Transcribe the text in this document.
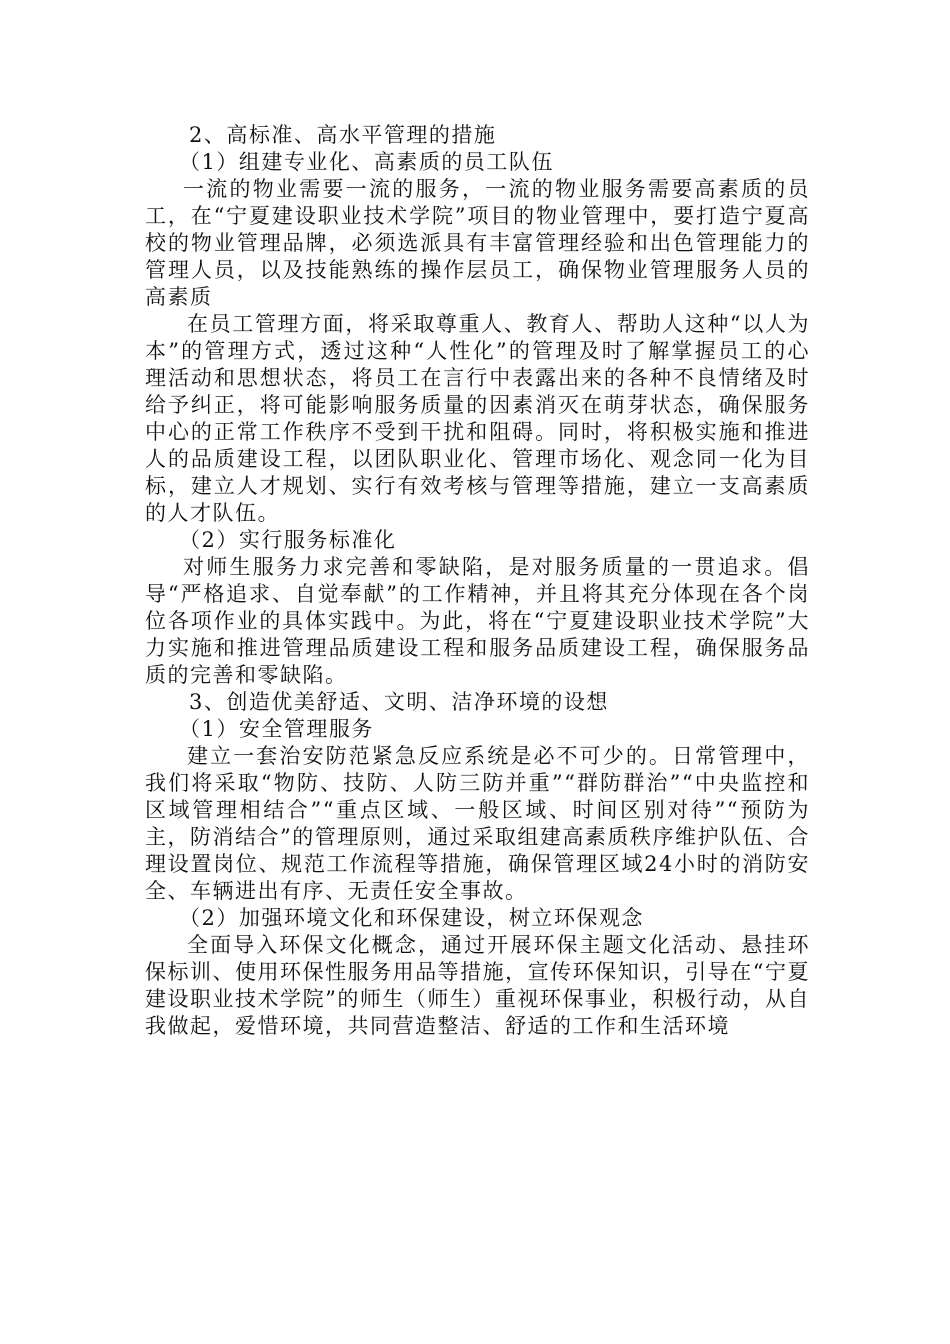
2、高标准、高水平管理的措施

（1）组建专业化、高素质的员工队伍

一流的物业需要一流的服务，一流的物业服务需要高素质的员工，在“宁夏建设职业技术学院”项目的物业管理中，要打造宁夏高校的物业管理品牌，必须选派具有丰富管理经验和出色管理能力的管理人员，以及技能熟练的操作层员工，确保物业管理服务人员的高素质

在员工管理方面，将采取尊重人、教育人、帮助人这种“以人为本”的管理方式，透过这种“人性化”的管理及时了解掌握员工的心理活动和思想状态，将员工在言行中表露出来的各种不良情绪及时给予纠正，将可能影响服务质量的因素消灭在萌芽状态，确保服务中心的正常工作秩序不受到干扰和阻碍。同时，将积极实施和推进人的品质建设工程，以团队职业化、管理市场化、观念同一化为目标，建立人才规划、实行有效考核与管理等措施，建立一支高素质的人才队伍。

（2）实行服务标准化

对师生服务力求完善和零缺陷，是对服务质量的一贯追求。倡导“严格追求、自觉奉献”的工作精神，并且将其充分体现在各个岗位各项作业的具体实践中。为此，将在“宁夏建设职业技术学院”大力实施和推进管理品质建设工程和服务品质建设工程，确保服务品质的完善和零缺陷。

3、创造优美舒适、文明、洁净环境的设想

（1）安全管理服务

建立一套治安防范紧急反应系统是必不可少的。日常管理中，我们将采取“物防、技防、人防三防并重”“群防群治”“中央监控和区域管理相结合”“重点区域、一般区域、时间区别对待”“预防为主，防消结合”的管理原则，通过采取组建高素质秩序维护队伍、合理设置岗位、规范工作流程等措施，确保管理区域24小时的消防安全、车辆进出有序、无责任安全事故。

（2）加强环境文化和环保建设，树立环保观念

全面导入环保文化概念，通过开展环保主题文化活动、悬挂环保标训、使用环保性服务用品等措施，宣传环保知识，引导在“宁夏建设职业技术学院”的师生（师生）重视环保事业，积极行动，从自我做起，爱惜环境，共同营造整洁、舒适的工作和生活环境
